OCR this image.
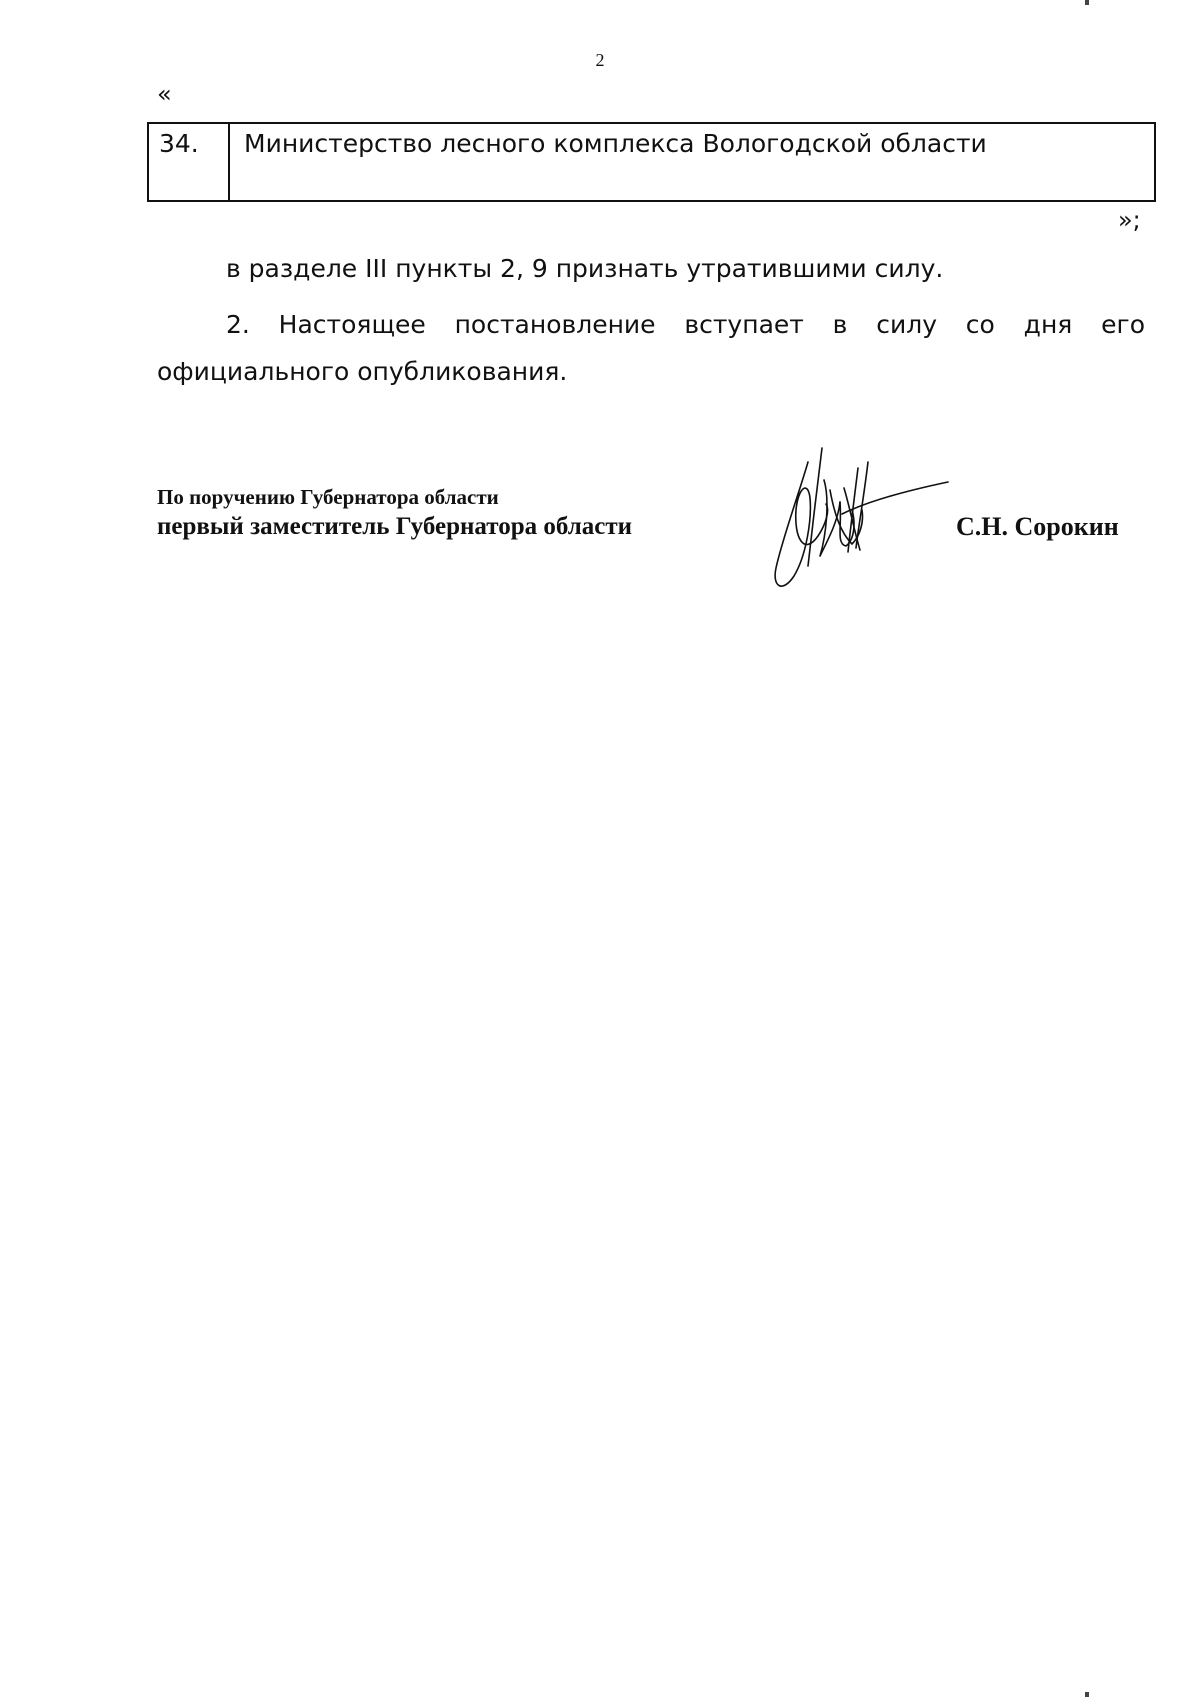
2
«
34.	Министерство лесного комплекса Вологодской области
»;
в разделе III пункты 2, 9 признать утратившими силу.
2. Настоящее постановление вступает в силу со дня его официального опубликования.
По поручению Губернатора области
первый заместитель Губернатора области	С.Н. Сорокин
